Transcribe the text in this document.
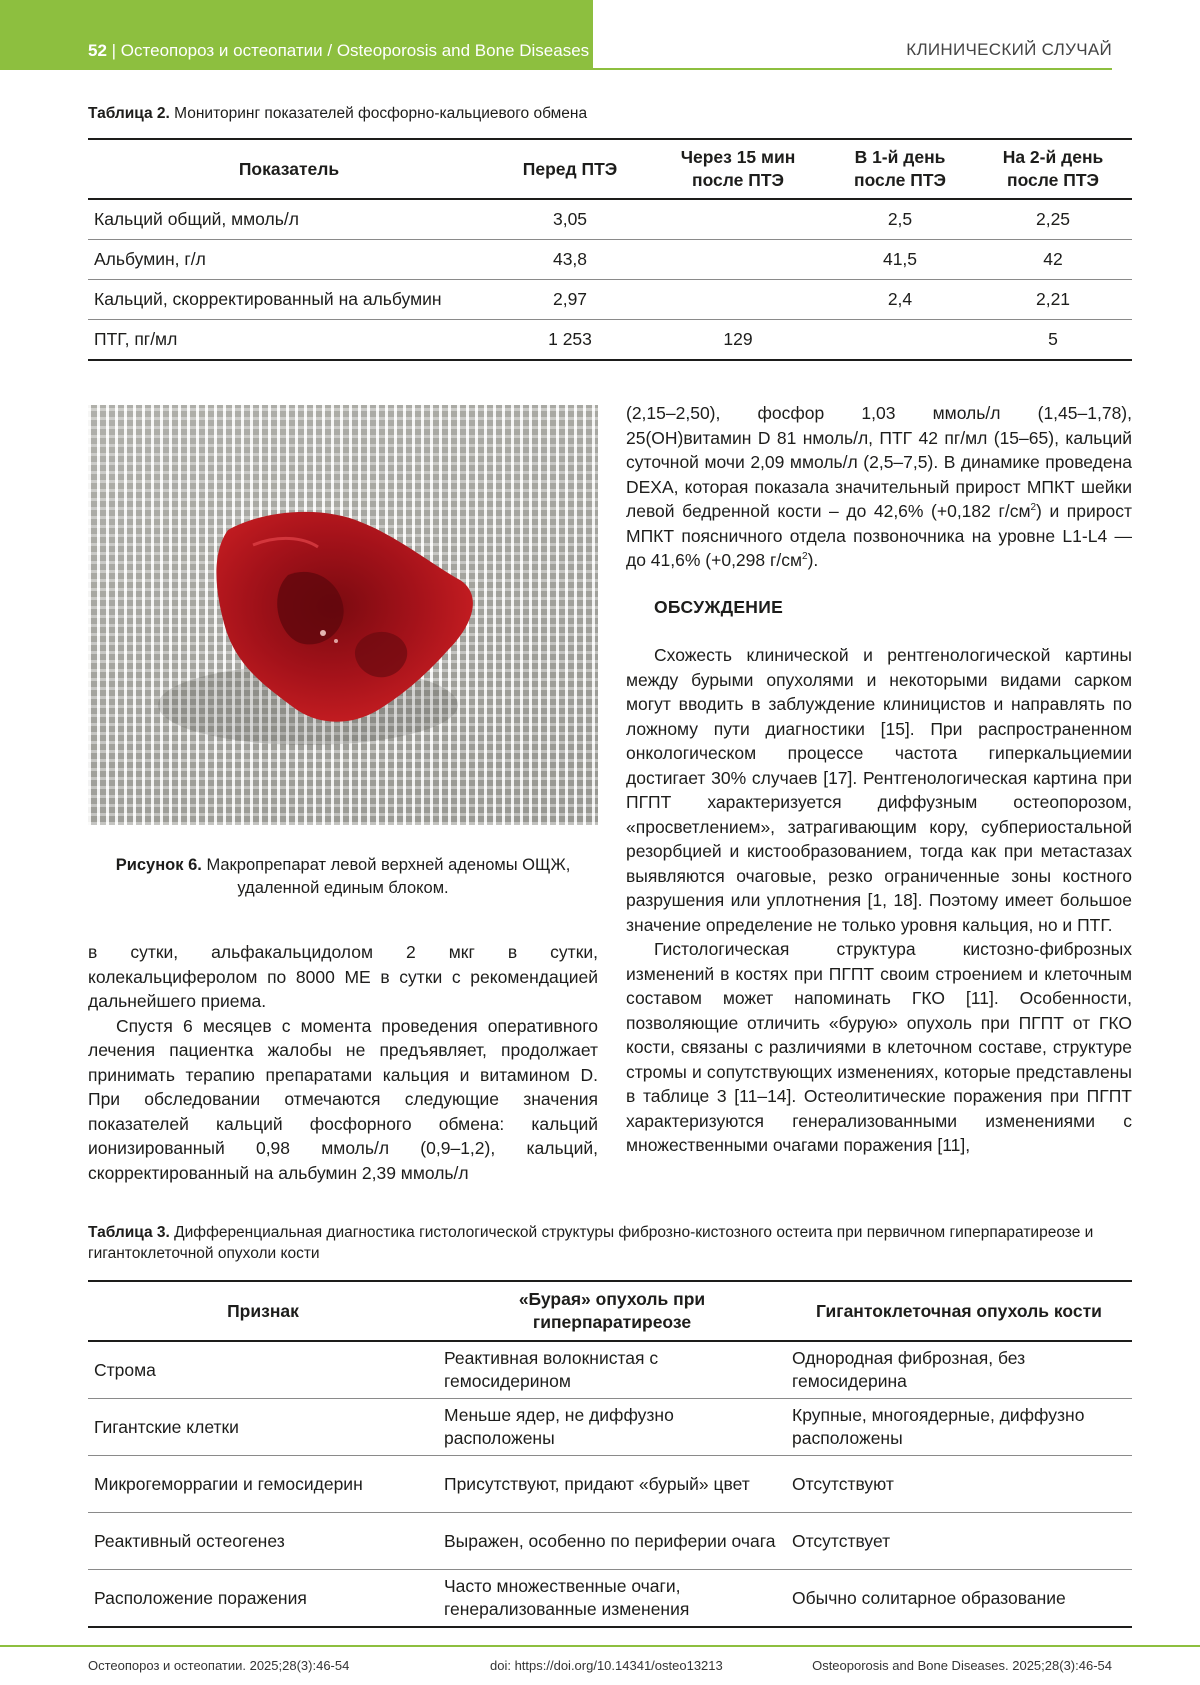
52 | Остеопороз и остеопатии / Osteoporosis and Bone Diseases	КЛИНИЧЕСКИЙ СЛУЧАЙ
Таблица 2. Мониторинг показателей фосфорно-кальциевого обмена
Показатель	Перед ПТЭ	Через 15 мин после ПТЭ	В 1-й день после ПТЭ	На 2-й день после ПТЭ
Кальций общий, ммоль/л	3,05		2,5	2,25
Альбумин, г/л	43,8		41,5	42
Кальций, скорректированный на альбумин	2,97		2,4	2,21
ПТГ, пг/мл	1 253	129		5
Рисунок 6. Макропрепарат левой верхней аденомы ОЩЖ, удаленной единым блоком.

в сутки, альфакальцидолом 2 мкг в сутки, колекальциферолом по 8000 МЕ в сутки с рекомендацией дальнейшего приема.

Спустя 6 месяцев с момента проведения оперативного лечения пациентка жалобы не предъявляет, продолжает принимать терапию препаратами кальция и витамином D. При обследовании отмечаются следующие значения показателей кальций фосфорного обмена: кальций ионизированный 0,98 ммоль/л (0,9–1,2), кальций, скорректированный на альбумин 2,39 ммоль/л

(2,15–2,50), фосфор 1,03 ммоль/л (1,45–1,78), 25(OH)витамин D 81 нмоль/л, ПТГ 42 пг/мл (15–65), кальций суточной мочи 2,09 ммоль/л (2,5–7,5). В динамике проведена DEXA, которая показала значительный прирост МПКТ шейки левой бедренной кости – до 42,6% (+0,182 $г/см^2$) и прирост МПКТ поясничного отдела позвоночника на уровне L1-L4 — до 41,6% (+0,298 $г/см^2$).

ОБСУЖДЕНИЕ

Схожесть клинической и рентгенологической картины между бурыми опухолями и некоторыми видами сарком могут вводить в заблуждение клиницистов и направлять по ложному пути диагностики [15]. При распространенном онкологическом процессе частота гиперкальциемии достигает 30% случаев [17]. Рентгенологическая картина при ПГПТ характеризуется диффузным остеопорозом, «просветлением», затрагивающим кору, субпериостальной резорбцией и кистообразованием, тогда как при метастазах выявляются очаговые, резко ограниченные зоны костного разрушения или уплотнения [1, 18]. Поэтому имеет большое значение определение не только уровня кальция, но и ПТГ.

Гистологическая структура кистозно-фиброзных изменений в костях при ПГПТ своим строением и клеточным составом может напоминать ГКО [11]. Особенности, позволяющие отличить «бурую» опухоль при ПГПТ от ГКО кости, связаны с различиями в клеточном составе, структуре стромы и сопутствующих изменениях, которые представлены в таблице 3 [11–14]. Остеолитические поражения при ПГПТ характеризуются генерализованными изменениями с множественными очагами поражения [11],

Таблица 3. Дифференциальная диагностика гистологической структуры фиброзно-кистозного остеита при первичном гиперпаратиреозе и гигантоклеточной опухоли кости
Признак	«Бурая» опухоль при гиперпаратиреозе	Гигантоклеточная опухоль кости
Строма	Реактивная волокнистая с гемосидерином	Однородная фиброзная, без гемосидерина
Гигантские клетки	Меньше ядер, не диффузно расположены	Крупные, многоядерные, диффузно расположены
Микрогеморрагии и гемосидерин	Присутствуют, придают «бурый» цвет	Отсутствуют
Реактивный остеогенез	Выражен, особенно по периферии очага	Отсутствует
Расположение поражения	Часто множественные очаги, генерализованные изменения	Обычно солитарное образование
Остеопороз и остеопатии. 2025;28(3):46-54	doi: https://doi.org/10.14341/osteo13213	Osteoporosis and Bone Diseases. 2025;28(3):46-54
